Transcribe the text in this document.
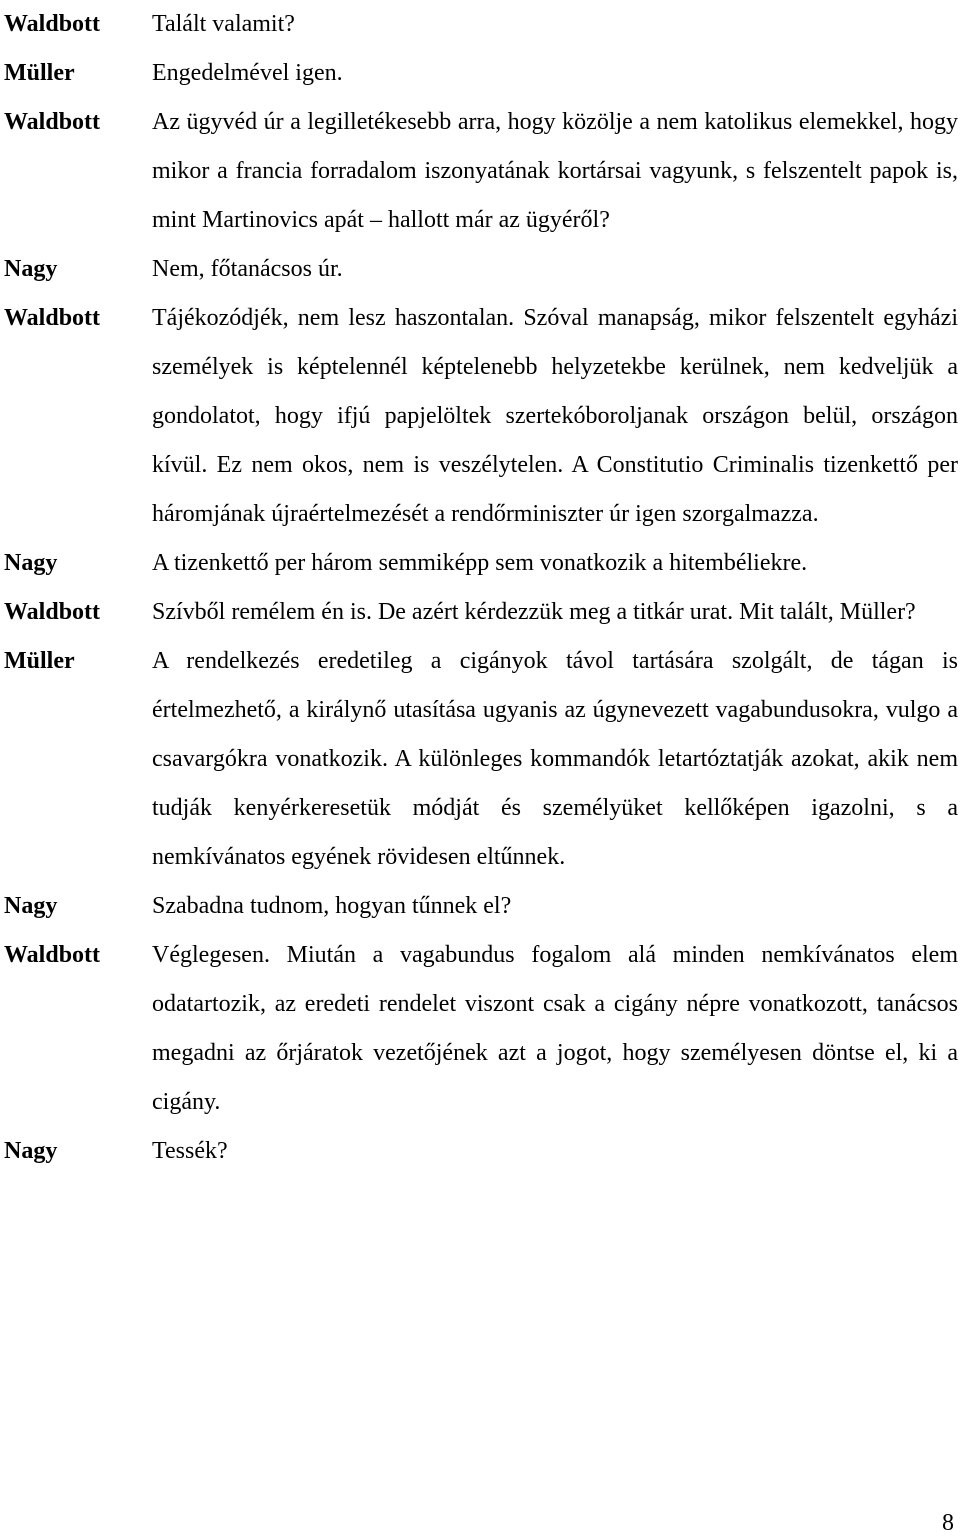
Waldbott	Talált valamit?
Müller	Engedelmével igen.
Waldbott	Az ügyvéd úr a legilletékesebb arra, hogy közölje a nem katolikus elemekkel, hogy mikor a francia forradalom iszonyatának kortársai vagyunk, s felszentelt papok is, mint Martinovics apát – hallott már az ügyéről?
Nagy	Nem, főtanácsos úr.
Waldbott	Tájékozódjék, nem lesz haszontalan. Szóval manapság, mikor felszentelt egyházi személyek is képtelennél képtelenebb helyzetekbe kerülnek, nem kedveljük a gondolatot, hogy ifjú papjelöltek szertekóboroljanak országon belül, országon kívül. Ez nem okos, nem is veszélytelen. A Constitutio Criminalis tizenkettő per háromjának újraértelmezését a rendőrminiszter úr igen szorgalmazza.
Nagy	A tizenkettő per három semmiképp sem vonatkozik a hitembéliekre.
Waldbott	Szívből remélem én is. De azért kérdezzük meg a titkár urat. Mit talált, Müller?
Müller	A rendelkezés eredetileg a cigányok távol tartására szolgált, de tágan is értelmezhető, a királynő utasítása ugyanis az úgynevezett vagabundusokra, vulgo a csavargókra vonatkozik. A különleges kommandók letartóztatják azokat, akik nem tudják kenyérkeresetük módját és személyüket kellőképen igazolni, s a nemkívánatos egyének rövidesen eltűnnek.
Nagy	Szabadna tudnom, hogyan tűnnek el?
Waldbott	Véglegesen. Miután a vagabundus fogalom alá minden nemkívánatos elem odatartozik, az eredeti rendelet viszont csak a cigány népre vonatkozott, tanácsos megadni az őrjáratok vezetőjének azt a jogot, hogy személyesen döntse el, ki a cigány.
Nagy	Tessék?
8
